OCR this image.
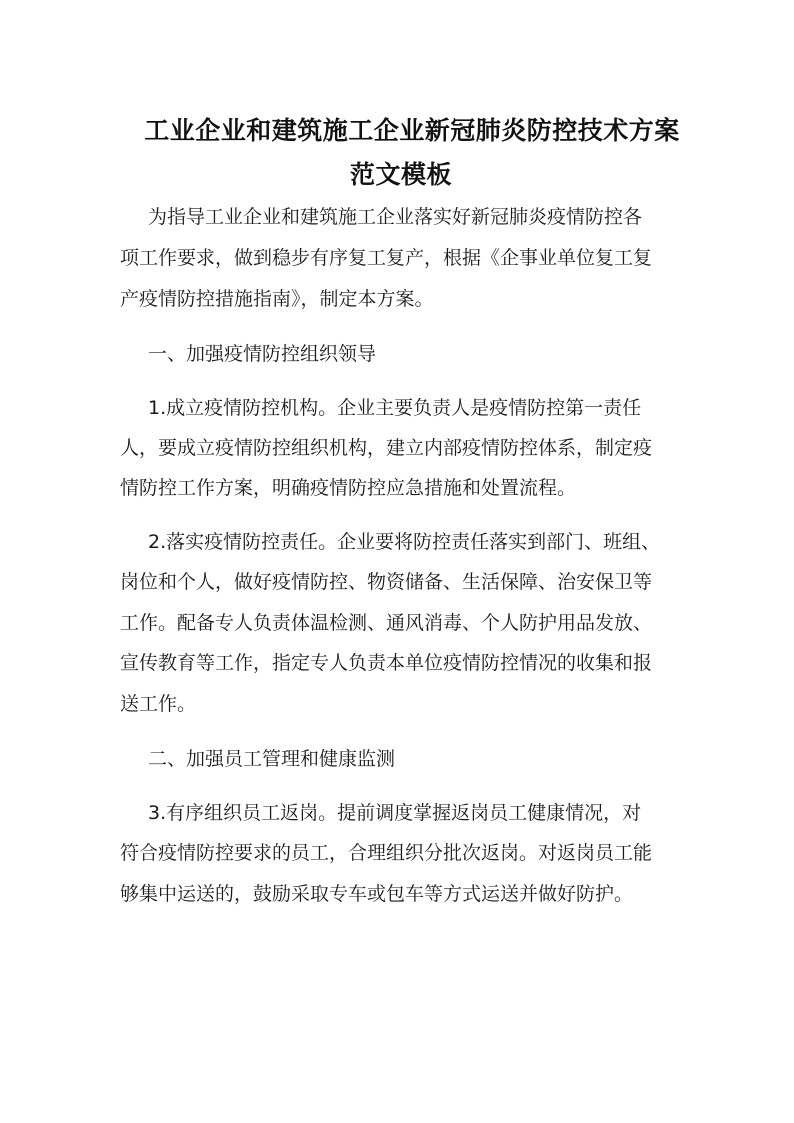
工业企业和建筑施工企业新冠肺炎防控技术方案
范文模板
为指导工业企业和建筑施工企业落实好新冠肺炎疫情防控各
项工作要求，做到稳步有序复工复产，根据《企事业单位复工复
产疫情防控措施指南》，制定本方案。
一、加强疫情防控组织领导
1.成立疫情防控机构。企业主要负责人是疫情防控第一责任
人，要成立疫情防控组织机构，建立内部疫情防控体系，制定疫
情防控工作方案，明确疫情防控应急措施和处置流程。
2.落实疫情防控责任。企业要将防控责任落实到部门、班组、
岗位和个人，做好疫情防控、物资储备、生活保障、治安保卫等
工作。配备专人负责体温检测、通风消毒、个人防护用品发放、
宣传教育等工作，指定专人负责本单位疫情防控情况的收集和报
送工作。
二、加强员工管理和健康监测
3.有序组织员工返岗。提前调度掌握返岗员工健康情况，对
符合疫情防控要求的员工，合理组织分批次返岗。对返岗员工能
够集中运送的，鼓励采取专车或包车等方式运送并做好防护。
